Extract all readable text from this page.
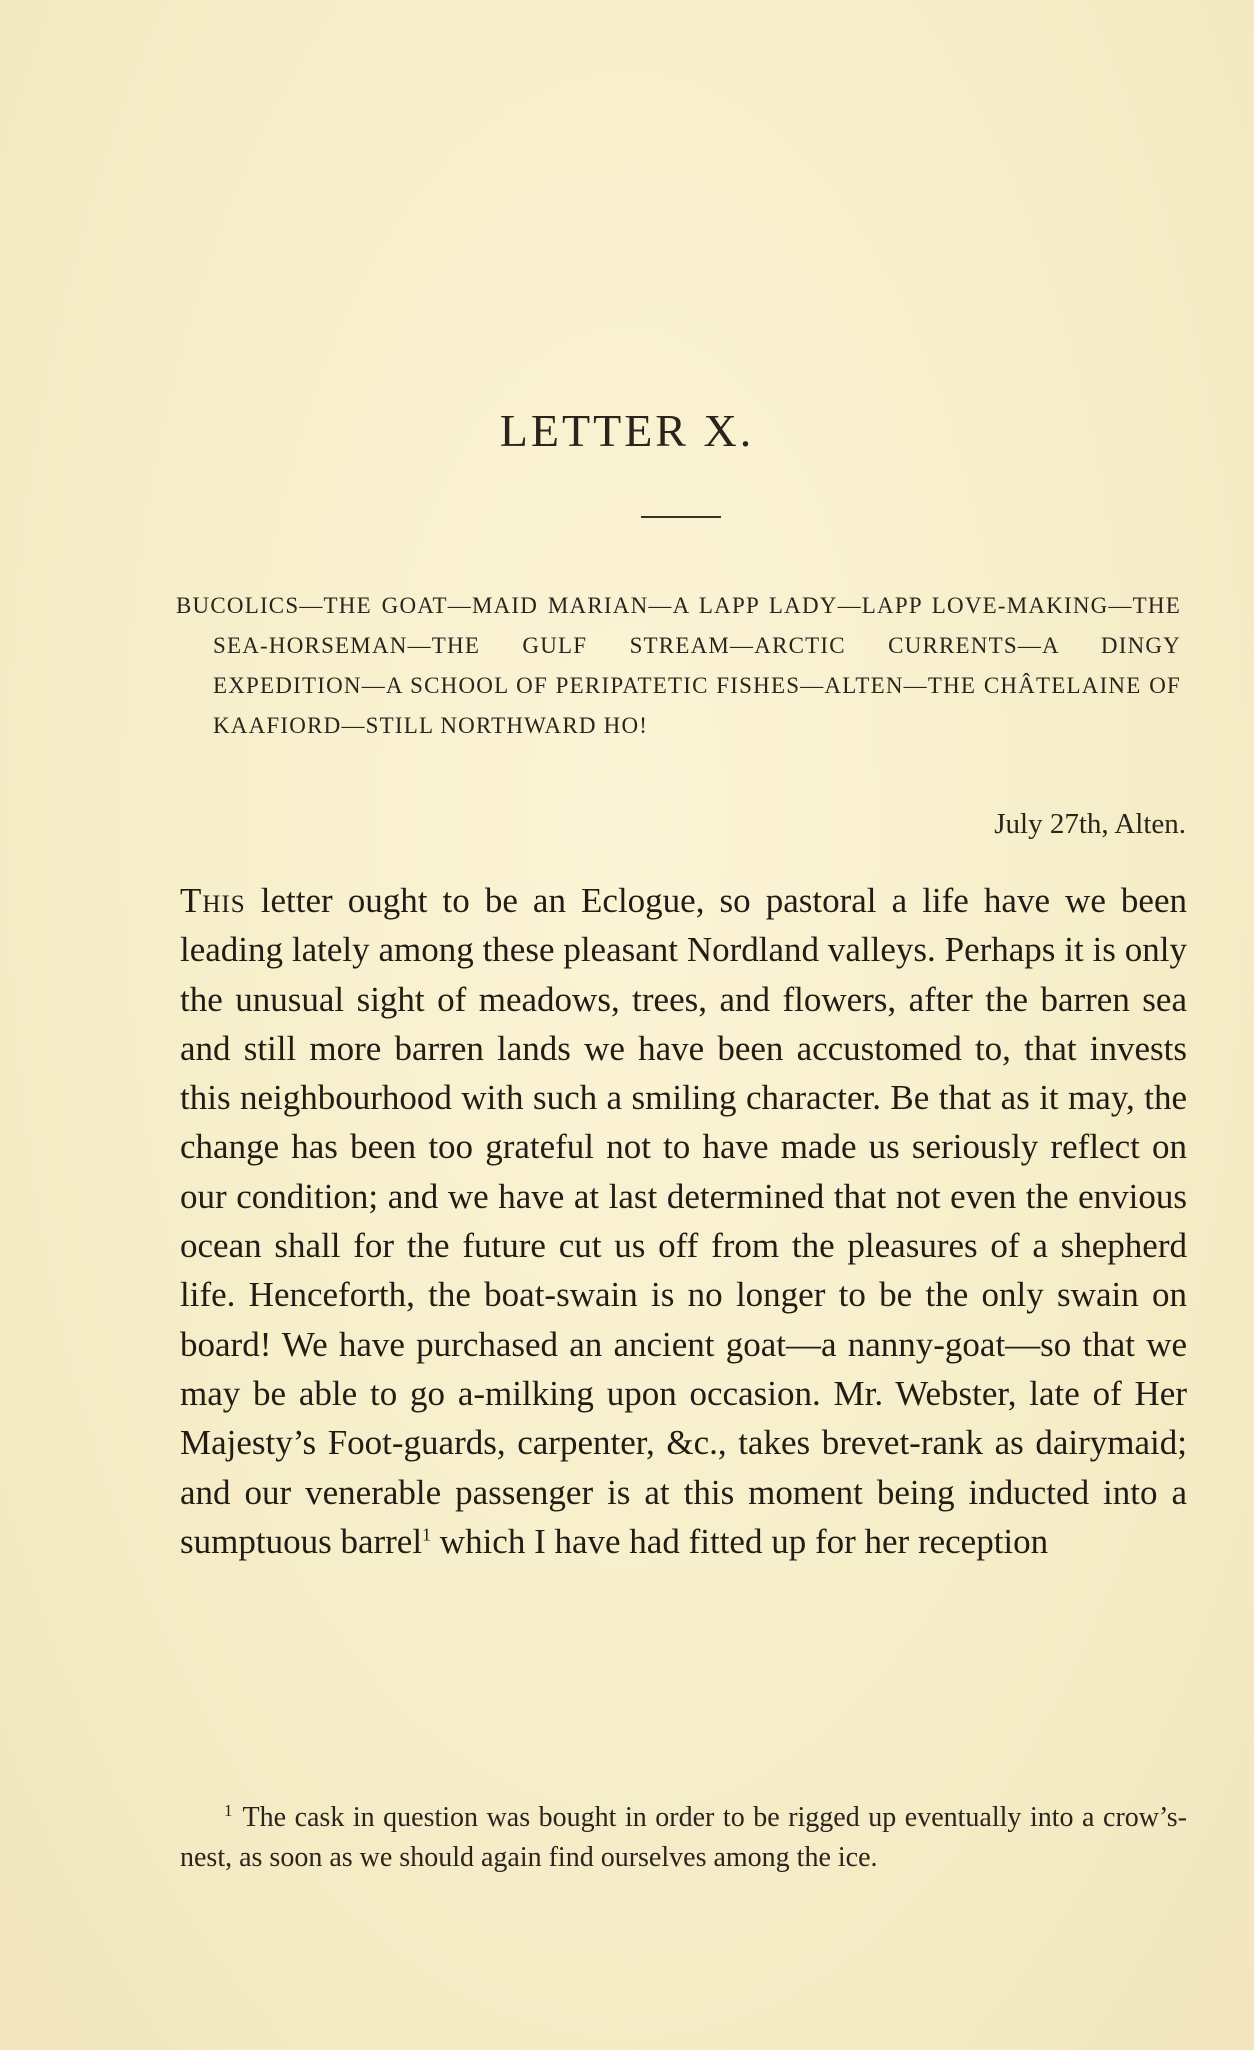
LETTER X.
BUCOLICS—THE GOAT—MAID MARIAN—A LAPP LADY—LAPP LOVE-MAKING—THE SEA-HORSEMAN—THE GULF STREAM—ARCTIC CURRENTS—A DINGY EXPEDITION—A SCHOOL OF PERIPATETIC FISHES—ALTEN—THE CHÂTELAINE OF KAAFIORD—STILL NORTHWARD HO!
July 27th, Alten.
This letter ought to be an Eclogue, so pastoral a life have we been leading lately among these pleasant Nordland valleys. Perhaps it is only the unusual sight of meadows, trees, and flowers, after the barren sea and still more barren lands we have been accustomed to, that invests this neighbourhood with such a smiling character. Be that as it may, the change has been too grateful not to have made us seriously reflect on our condition; and we have at last determined that not even the envious ocean shall for the future cut us off from the pleasures of a shepherd life. Henceforth, the boat-swain is no longer to be the only swain on board! We have purchased an ancient goat—a nanny-goat—so that we may be able to go a-milking upon occasion. Mr. Webster, late of Her Majesty’s Foot-guards, carpenter, &c., takes brevet-rank as dairymaid; and our venerable passenger is at this moment being inducted into a sumptuous barrel$^1$ which I have had fitted up for her reception
$^1$ The cask in question was bought in order to be rigged up eventually into a crow’s-nest, as soon as we should again find ourselves among the ice.
